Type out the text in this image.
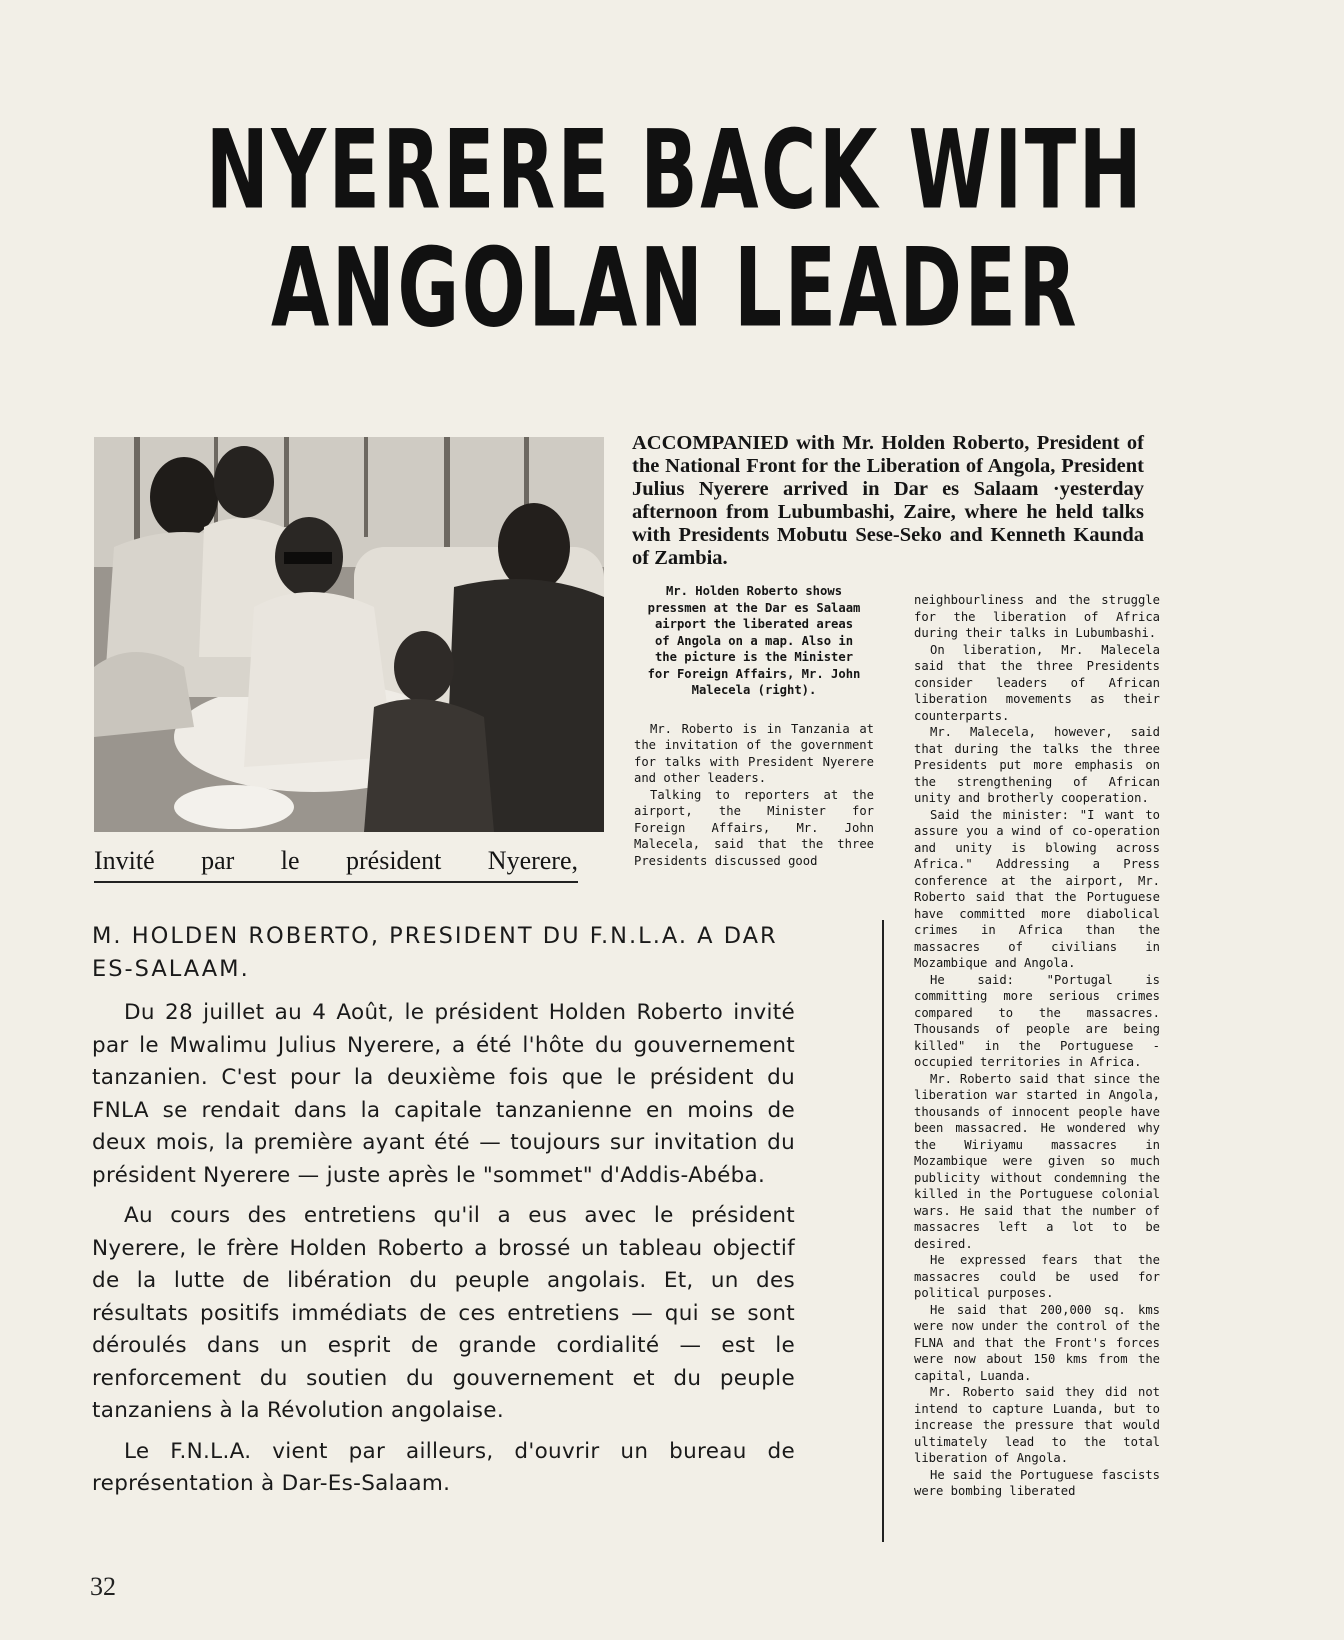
NYERERE BACK WITH
ANGOLAN LEADER

Invité par le président Nyerere,

ACCOMPANIED with Mr. Holden Roberto, President of the National Front for the Liberation of Angola, President Julius Nyerere arrived in Dar es Salaam ·yesterday afternoon from Lubumbashi, Zaire, where he held talks with Presidents Mobutu Sese-Seko and Kenneth Kaunda of Zambia.

Mr. Holden Roberto shows pressmen at the Dar es Salaam airport the liberated areas of Angola on a map. Also in the picture is the Minister for Foreign Affairs, Mr. John Malecela (right).

Mr. Roberto is in Tanzania at the invitation of the government for talks with President Nyerere and other leaders.

Talking to reporters at the airport, the Minister for Foreign Affairs, Mr. John Malecela, said that the three Presidents discussed good

neighbourliness and the struggle for the liberation of Africa during their talks in Lubumbashi.

On liberation, Mr. Malecela said that the three Presidents consider leaders of African liberation movements as their counterparts.

Mr. Malecela, however, said that during the talks the three Presidents put more emphasis on the strengthening of African unity and brotherly cooperation.

Said the minister: "I want to assure you a wind of co-operation and unity is blowing across Africa." Addressing a Press conference at the airport, Mr. Roberto said that the Portuguese have committed more diabolical crimes in Africa than the massacres of civilians in Mozambique and Angola.

He said: "Portugal is committing more serious crimes compared to the massacres. Thousands of people are being killed" in the Portuguese - occupied territories in Africa.

Mr. Roberto said that since the liberation war started in Angola, thousands of innocent people have been massacred. He wondered why the Wiriyamu massacres in Mozambique were given so much publicity without condemning the killed in the Portuguese colonial wars. He said that the number of massacres left a lot to be desired.

He expressed fears that the massacres could be used for political purposes.

He said that 200,000 sq. kms were now under the control of the FLNA and that the Front's forces were now about 150 kms from the capital, Luanda.

Mr. Roberto said they did not intend to capture Luanda, but to increase the pressure that would ultimately lead to the total liberation of Angola.

He said the Portuguese fascists were bombing liberated

M. HOLDEN ROBERTO, PRESIDENT DU F.N.L.A. A DAR ES-SALAAM.

Du 28 juillet au 4 Août, le président Holden Roberto invité par le Mwalimu Julius Nyerere, a été l'hôte du gouvernement tanzanien. C'est pour la deuxième fois que le président du FNLA se rendait dans la capitale tanzanienne en moins de deux mois, la première ayant été — toujours sur invitation du président Nyerere — juste après le "sommet" d'Addis-Abéba.

Au cours des entretiens qu'il a eus avec le président Nyerere, le frère Holden Roberto a brossé un tableau objectif de la lutte de libération du peuple angolais. Et, un des résultats positifs immédiats de ces entretiens — qui se sont déroulés dans un esprit de grande cordialité — est le renforcement du soutien du gouvernement et du peuple tanzaniens à la Révolution angolaise.

Le F.N.L.A. vient par ailleurs, d'ouvrir un bureau de représentation à Dar-Es-Salaam.

32
